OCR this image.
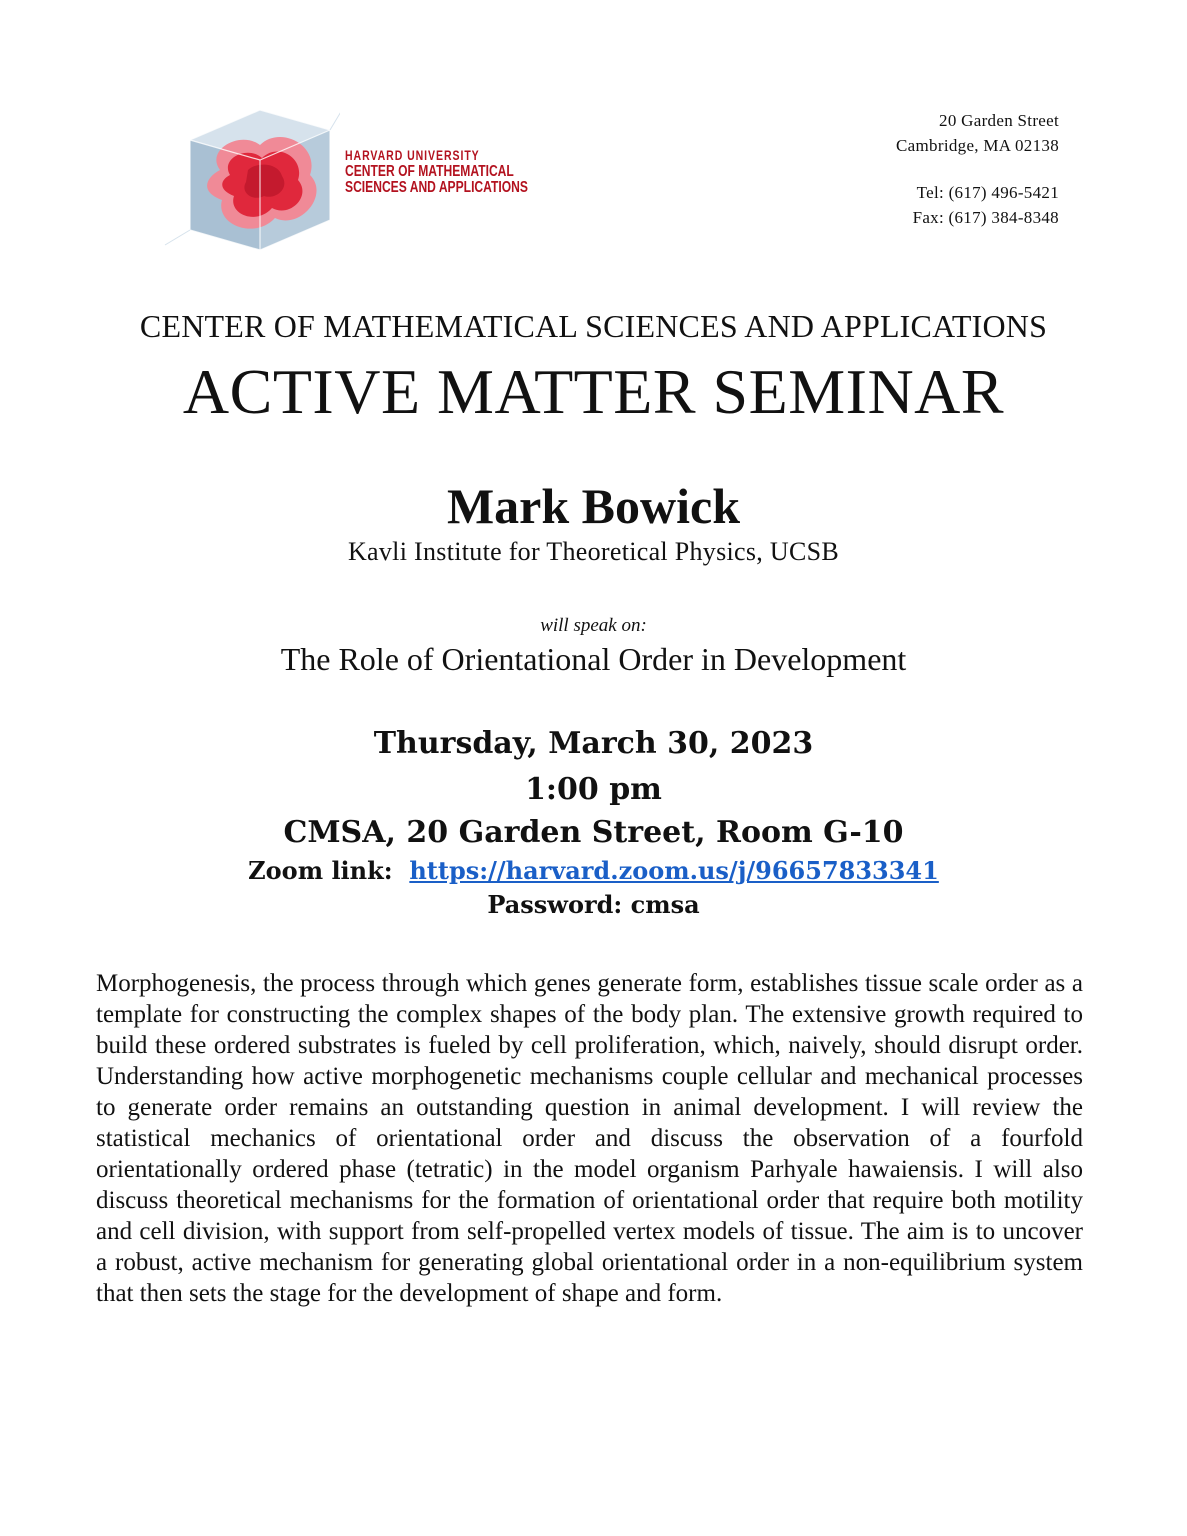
HARVARD UNIVERSITY
CENTER OF MATHEMATICAL
SCIENCES AND APPLICATIONS
20 Garden Street
Cambridge, MA 02138
Tel: (617) 496-5421
Fax: (617) 384-8348
CENTER OF MATHEMATICAL SCIENCES AND APPLICATIONS
ACTIVE MATTER SEMINAR
Mark Bowick
Kavli Institute for Theoretical Physics, UCSB
will speak on:
The Role of Orientational Order in Development
Thursday, March 30, 2023
1:00 pm
CMSA, 20 Garden Street, Room G-10
Zoom link: https://harvard.zoom.us/j/96657833341
Password: cmsa
Morphogenesis, the process through which genes generate form, establishes tissue scale order as a template for constructing the complex shapes of the body plan. The extensive growth required to build these ordered substrates is fueled by cell proliferation, which, naively, should disrupt order. Understanding how active morphogenetic mechanisms couple cellular and mechanical processes to generate order remains an outstanding question in animal development. I will review the statistical mechanics of orientational order and discuss the observation of a fourfold orientationally ordered phase (tetratic) in the model organism Parhyale hawaiensis. I will also discuss theoretical mechanisms for the formation of orientational order that require both motility and cell division, with support from self-propelled vertex models of tissue. The aim is to uncover a robust, active mechanism for generating global orientational order in a non-equilibrium system that then sets the stage for the development of shape and form.
